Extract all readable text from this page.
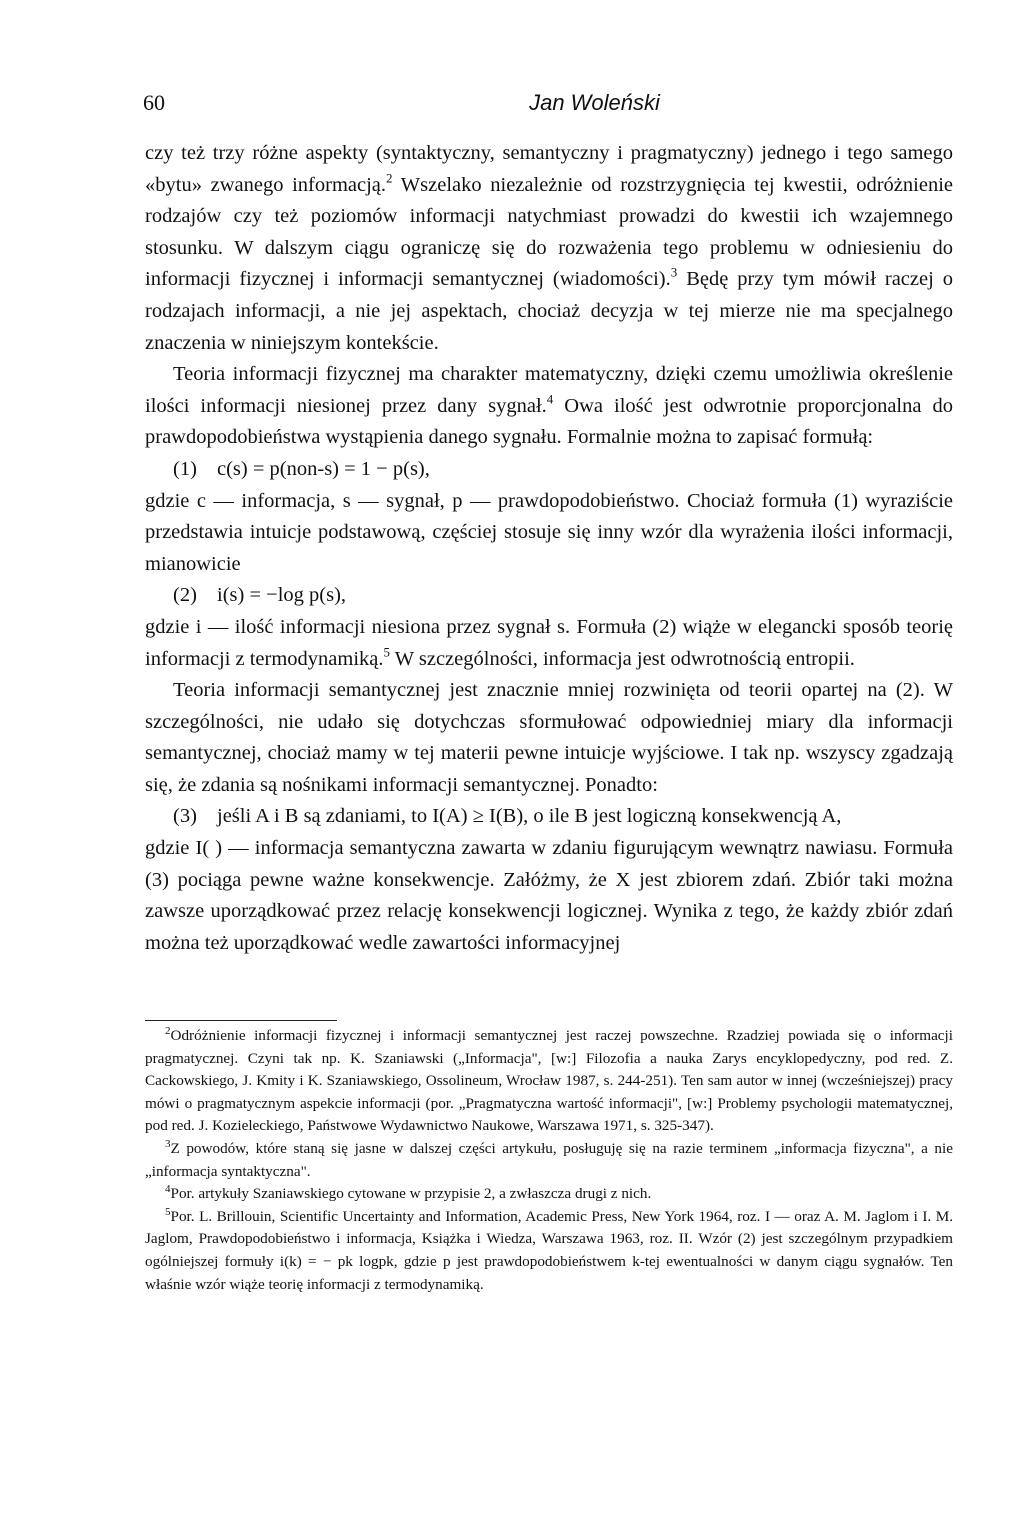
60	Jan Woleński

czy też trzy różne aspekty (syntaktyczny, semantyczny i pragmatyczny) jednego i tego samego «bytu» zwanego informacją.$^2$ Wszelako niezależnie od rozstrzygnięcia tej kwestii, odróżnienie rodzajów czy też poziomów informacji natychmiast prowadzi do kwestii ich wzajemnego stosunku. W dalszym ciągu ograniczę się do rozważenia tego problemu w odniesieniu do informacji fizycznej i informacji semantycznej (wiadomości).$^3$ Będę przy tym mówił raczej o rodzajach informacji, a nie jej aspektach, chociaż decyzja w tej mierze nie ma specjalnego znaczenia w niniejszym kontekście.

Teoria informacji fizycznej ma charakter matematyczny, dzięki czemu umożliwia określenie ilości informacji niesionej przez dany sygnał.$^4$ Owa ilość jest odwrotnie proporcjonalna do prawdopodobieństwa wystąpienia danego sygnału. Formalnie można to zapisać formułą:

(1) c(s) = p(non-s) = 1 − p(s),

gdzie c — informacja, s — sygnał, p — prawdopodobieństwo. Chociaż formuła (1) wyraziście przedstawia intuicje podstawową, częściej stosuje się inny wzór dla wyrażenia ilości informacji, mianowicie

(2) i(s) = −log p(s),

gdzie i — ilość informacji niesiona przez sygnał s. Formuła (2) wiąże w elegancki sposób teorię informacji z termodynamiką.$^5$ W szczególności, informacja jest odwrotnością entropii.

Teoria informacji semantycznej jest znacznie mniej rozwinięta od teorii opartej na (2). W szczególności, nie udało się dotychczas sformułować odpowiedniej miary dla informacji semantycznej, chociaż mamy w tej materii pewne intuicje wyjściowe. I tak np. wszyscy zgadzają się, że zdania są nośnikami informacji semantycznej. Ponadto:

(3) jeśli A i B są zdaniami, to I(A) ≥ I(B), o ile B jest logiczną konsekwencją A,

gdzie I( ) — informacja semantyczna zawarta w zdaniu figurującym wewnątrz nawiasu. Formuła (3) pociąga pewne ważne konsekwencje. Załóżmy, że X jest zbiorem zdań. Zbiór taki można zawsze uporządkować przez relację konsekwencji logicznej. Wynika z tego, że każdy zbiór zdań można też uporządkować wedle zawartości informacyjnej

$^2$Odróżnienie informacji fizycznej i informacji semantycznej jest raczej powszechne. Rzadziej powiada się o informacji pragmatycznej. Czyni tak np. K. Szaniawski („Informacja", [w:] Filozofia a nauka Zarys encyklopedyczny, pod red. Z. Cackowskiego, J. Kmity i K. Szaniawskiego, Ossolineum, Wrocław 1987, s. 244-251). Ten sam autor w innej (wcześniejszej) pracy mówi o pragmatycznym aspekcie informacji (por. „Pragmatyczna wartość informacji", [w:] Problemy psychologii matematycznej, pod red. J. Kozieleckiego, Państwowe Wydawnictwo Naukowe, Warszawa 1971, s. 325-347).

$^3$Z powodów, które staną się jasne w dalszej części artykułu, posługuję się na razie terminem „informacja fizyczna", a nie „informacja syntaktyczna".

$^4$Por. artykuły Szaniawskiego cytowane w przypisie 2, a zwłaszcza drugi z nich.

$^5$Por. L. Brillouin, Scientific Uncertainty and Information, Academic Press, New York 1964, roz. I — oraz A. M. Jaglom i I. M. Jaglom, Prawdopodobieństwo i informacja, Książka i Wiedza, Warszawa 1963, roz. II. Wzór (2) jest szczególnym przypadkiem ogólniejszej formuły i(k) = − pk logpk, gdzie p jest prawdopodobieństwem k-tej ewentualności w danym ciągu sygnałów. Ten właśnie wzór wiąże teorię informacji z termodynamiką.
